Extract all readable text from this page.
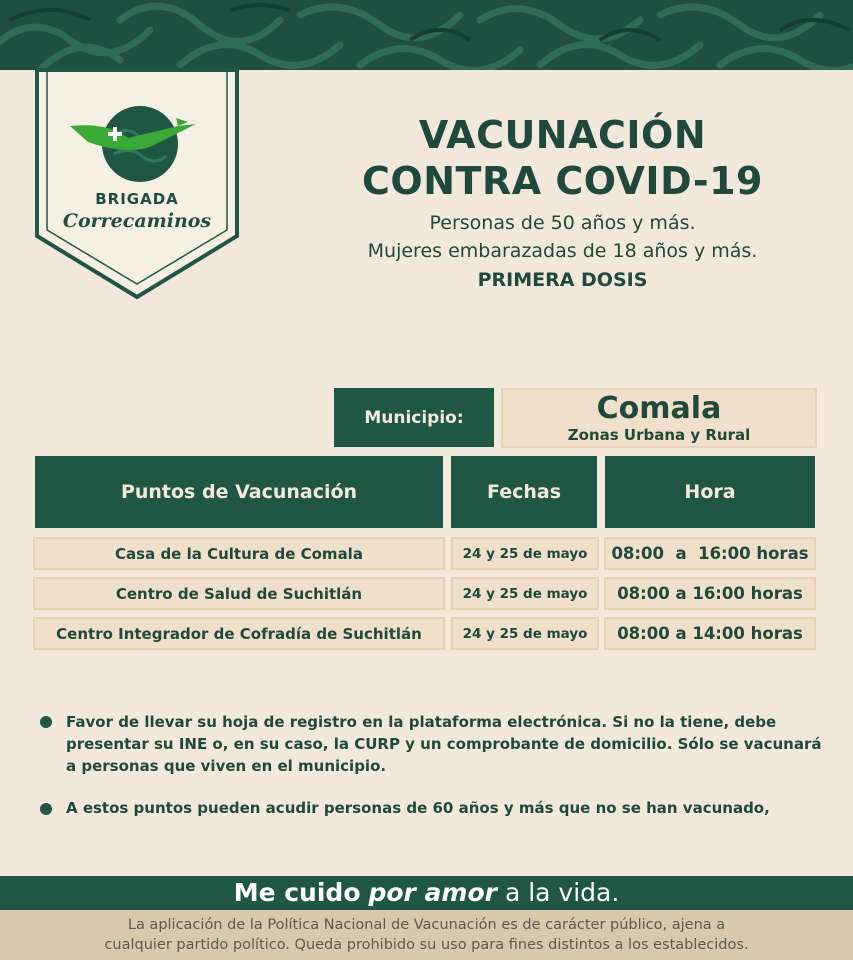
BRIGADA
Correcaminos
VACUNACIÓN
CONTRA COVID-19
Personas de 50 años y más.
Mujeres embarazadas de 18 años y más.
PRIMERA DOSIS
Municipio:	Comala
Zonas Urbana y Rural
Puntos de Vacunación	Fechas	Hora
Casa de la Cultura de Comala	24 y 25 de mayo	08:00  a  16:00 horas
Centro de Salud de Suchitlán	24 y 25 de mayo	08:00 a 16:00 horas
Centro Integrador de Cofradía de Suchitlán	24 y 25 de mayo	08:00 a 14:00 horas
Favor de llevar su hoja de registro en la plataforma electrónica. Si no la tiene, debe presentar su INE o, en su caso, la CURP y un comprobante de domicilio. Sólo se vacunará a personas que viven en el municipio.
A estos puntos pueden acudir personas de 60 años y más que no se han vacunado,
Me cuido por amor a la vida.
La aplicación de la Política Nacional de Vacunación es de carácter público, ajena a
cualquier partido político. Queda prohibido su uso para fines distintos a los establecidos.
